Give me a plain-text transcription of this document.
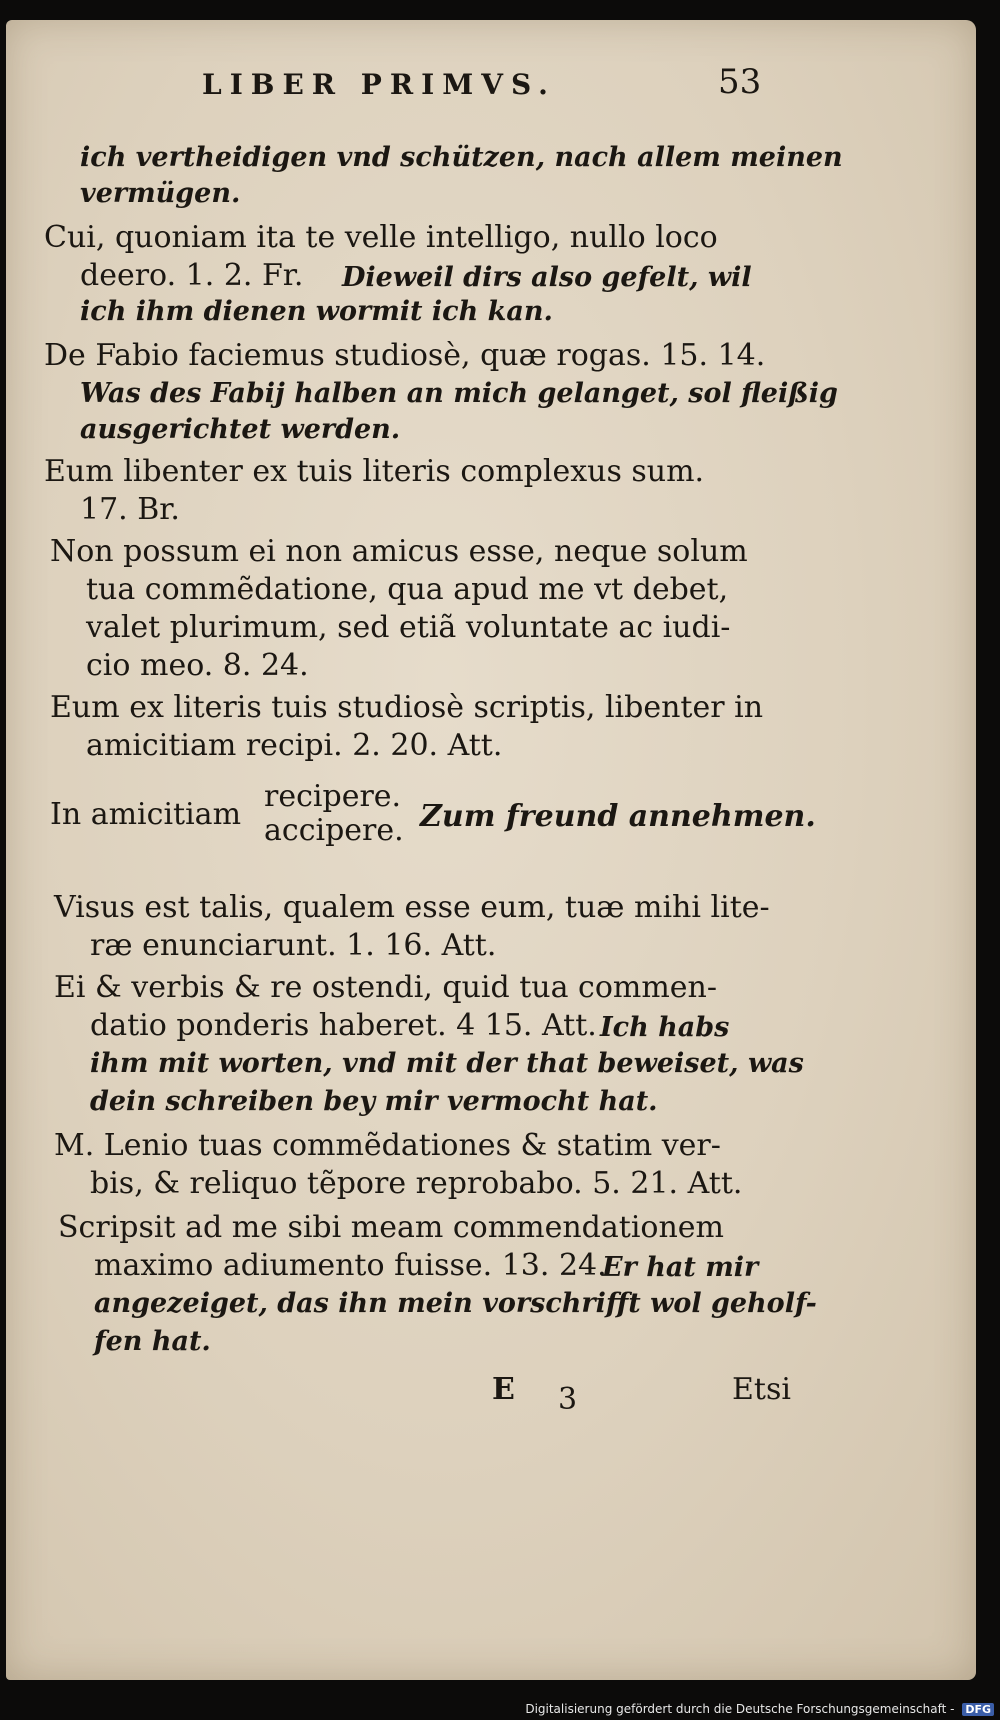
LIBER PRIMVS.	53
ich vertheidigen vnd schützen, nach allem meinen
vermügen.
Cui, quoniam ita te velle intelligo, nullo loco
deero. 1. 2. Fr. Dieweil dirs also gefelt, wil
ich ihm dienen wormit ich kan.
De Fabio faciemus studiosè, quæ rogas. 15. 14.
Was des Fabij halben an mich gelanget, sol fleißig
ausgerichtet werden.
Eum libenter ex tuis literis complexus sum.
17. Br.
Non possum ei non amicus esse, neque solum
tua commẽdatione, qua apud me vt debet,
valet plurimum, sed etiã voluntate ac iudi-
cio meo. 8. 24.
Eum ex literis tuis studiosè scriptis, libenter in
amicitiam recipi. 2. 20. Att.
Visus est talis, qualem esse eum, tuæ mihi lite-
ræ enunciarunt. 1. 16. Att.
Ei & verbis & re ostendi, quid tua commen-
datio ponderis haberet. 4 15. Att. Ich habs
ihm mit worten, vnd mit der that beweiset, was
dein schreiben bey mir vermocht hat.
M. Lenio tuas commẽdationes & statim ver-
bis, & reliquo tẽpore reprobabo. 5. 21. Att.
Scripsit ad me sibi meam commendationem
maximo adiumento fuisse. 13. 24.
Er hat mir
angezeiget, das ihn mein vorschrifft wol geholf-
fen hat.
In amicitiam
recipere.
accipere. Zum freund annehmen.
E 3	Etsi
Digitalisierung gefördert durch die Deutsche Forschungsgemeinschaft - DFG
